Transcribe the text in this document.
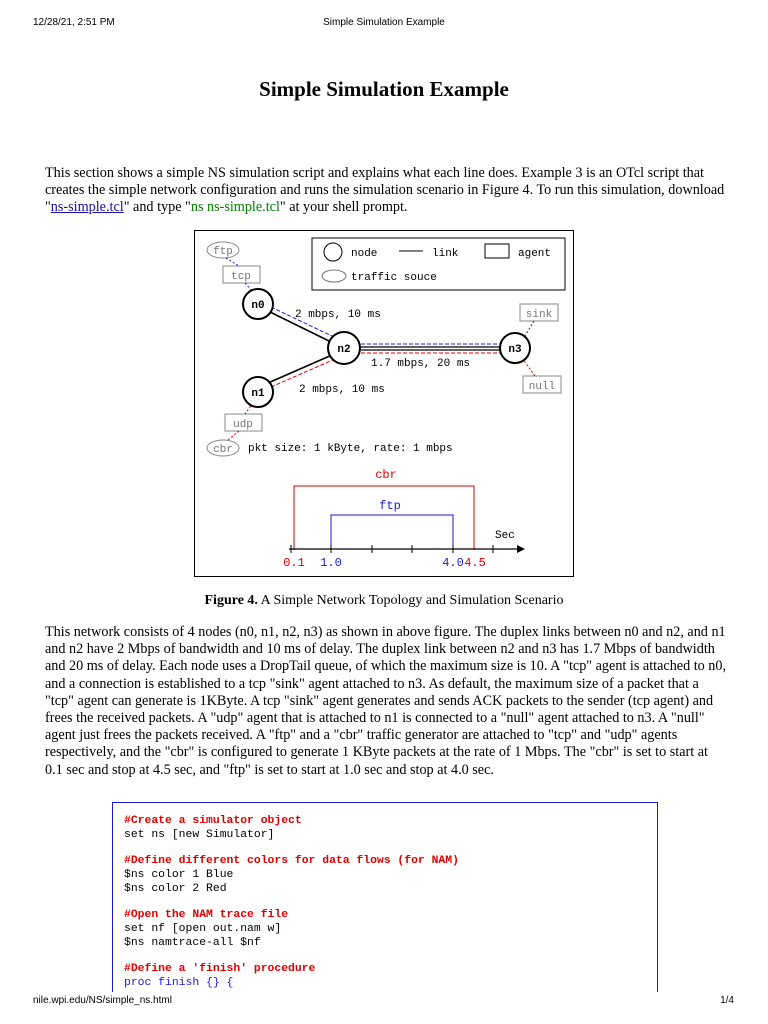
12/28/21, 2:51 PM	Simple Simulation Example
Simple Simulation Example

This section shows a simple NS simulation script and explains what each line does. Example 3 is an OTcl script that creates the simple network configuration and runs the simulation scenario in Figure 4. To run this simulation, download "ns-simple.tcl" and type "ns ns-simple.tcl" at your shell prompt.

node	link	agent
traffic souce
ftp
tcp
sink
null
udp
cbr pkt size: 1 kByte, rate: 1 mbps
2 mbps, 10 ms
1.7 mbps, 20 ms
2 mbps, 10 ms
n0
n2
n1
n3
cbr
ftp
Sec
0.1 1.0	4.0 4.5
Figure 4. A Simple Network Topology and Simulation Scenario

This network consists of 4 nodes (n0, n1, n2, n3) as shown in above figure. The duplex links between n0 and n2, and n1 and n2 have 2 Mbps of bandwidth and 10 ms of delay. The duplex link between n2 and n3 has 1.7 Mbps of bandwidth and 20 ms of delay. Each node uses a DropTail queue, of which the maximum size is 10. A "tcp" agent is attached to n0, and a connection is established to a tcp "sink" agent attached to n3. As default, the maximum size of a packet that a "tcp" agent can generate is 1KByte. A tcp "sink" agent generates and sends ACK packets to the sender (tcp agent) and frees the received packets. A "udp" agent that is attached to n1 is connected to a "null" agent attached to n3. A "null" agent just frees the packets received. A "ftp" and a "cbr" traffic generator are attached to "tcp" and "udp" agents respectively, and the "cbr" is configured to generate 1 KByte packets at the rate of 1 Mbps. The "cbr" is set to start at 0.1 sec and stop at 4.5 sec, and "ftp" is set to start at 1.0 sec and stop at 4.0 sec.

#Create a simulator object
set ns [new Simulator]

#Define different colors for data flows (for NAM)
$ns color 1 Blue
$ns color 2 Red

#Open the NAM trace file
set nf [open out.nam w]
$ns namtrace-all $nf

#Define a 'finish' procedure
proc finish {} {
nile.wpi.edu/NS/simple_ns.html	1/4
